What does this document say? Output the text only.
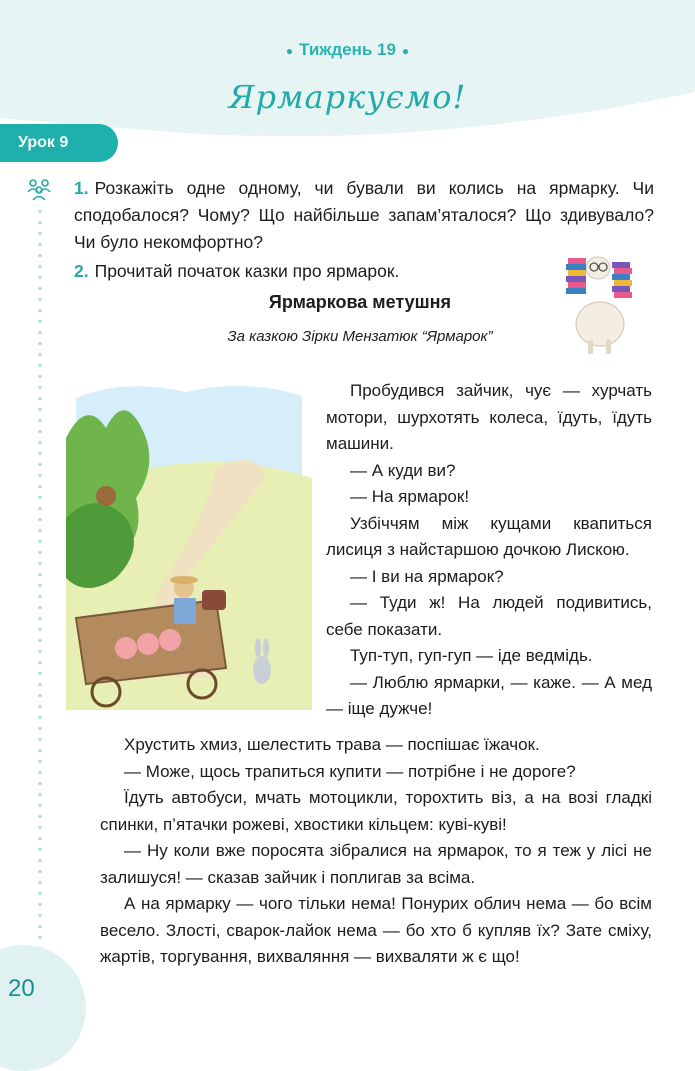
● Тиждень 19 ●
Ярмаркуємо!
Урок 9
1. Розкажіть одне одному, чи бували ви колись на ярмарку. Чи сподобалося? Чому? Що найбільше запам’яталося? Що здивувало? Чи було некомфортно?
2. Прочитай початок казки про ярмарок.
Ярмаркова метушня
За казкою Зірки Мензатюк “Ярмарок”

Пробудився зайчик, чує — хурчать мотори, шурхотять колеса, їдуть, їдуть машини.

— А куди ви?

— На ярмарок!

Узбіччям між кущами квапиться лисиця з найстаршою дочкою Лискою.

— І ви на ярмарок?

— Туди ж! На людей подивитись, себе показати.

Туп-туп, гуп-гуп — іде ведмідь.

— Люблю ярмарки, — каже. — А мед — іще дужче!

Хрустить хмиз, шелестить трава — поспішає їжачок.

— Може, щось трапиться купити — потрібне і не дороге?

Їдуть автобуси, мчать мотоцикли, торохтить віз, а на возі гладкі спинки, п’ятачки рожеві, хвостики кільцем: куві-куві!

— Ну коли вже поросята зібралися на ярмарок, то я теж у лісі не залишуся! — сказав зайчик і поплигав за всіма.

А на ярмарку — чого тільки нема! Понурих облич нема — бо всім весело. Злості, сварок-лайок нема — бо хто б купляв їх? Зате сміху, жартів, торгування, вихваляння — вихваляти ж є що!

20
